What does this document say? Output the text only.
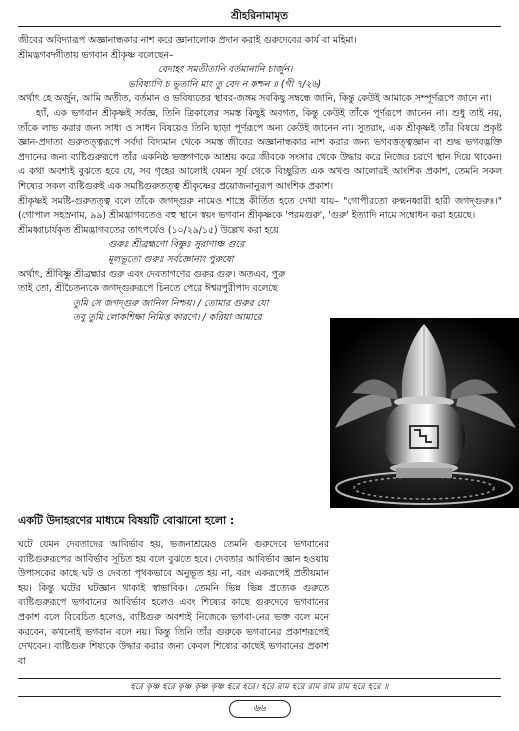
শ্রীহরিনামামৃত

জীবের অবিদ্যারূপ অজ্ঞানান্ধকার নাশ করে জ্ঞানালোক প্রদান করাই গুরুদেবের কার্য বা মহিমা।

শ্রীমদ্ভগবদ্গীতায় ভগবান শ্রীকৃষ্ণ বলেছেন–

বেদাহং সমতীতানি বর্তমানানি চার্জুন।

ভবিষ্যাণি চ ভূতানি মাং তু বেদ ন কশ্চন ॥ (গী ৭/২৬)

অর্থাৎ হে অর্জুন, আমি অতীত, বর্তমান ও ভবিষ্যতের স্থাবর-জঙ্গম সবকিছু সম্বন্ধে জানি, কিন্তু কেউই আমাকে সম্পূর্ণরূপে জানে না।

হ্যাঁ, এক ভগবান শ্রীকৃষ্ণই সর্বজ্ঞ, তিনি ত্রিকালের সমস্ত কিছুই অবগত, কিন্তু কেউই তাঁকে পূর্ণরূপে জানেন না। শুধু তাই নয়, তাঁকে লাভ করার জন্য সাধ্য ও সাধন বিষয়েও তিনি ছাড়া পূর্ণরূপে অন্য কেউই জানেন না। সুতরাং, এক শ্রীকৃষ্ণই তাঁর বিষয়ে প্রকৃষ্ট জ্ঞান-প্রদাতা গুরুতত্ত্বরূপে সর্বদা বিদ্যমান থেকে সমস্ত জীবের অজ্ঞানান্ধকার নাশ করার জন্য ভগবত্তত্ত্বজ্ঞান বা শুদ্ধ ভগবদ্ভক্তি প্রদানের জন্য ব্যষ্টিগুরুরূপে তাঁর একনিষ্ঠ ভক্তগণকে আশ্রয় করে জীবকে সংসার থেকে উদ্ধার করে নিজের চরণে স্থান দিয়ে থাকেন। এ কথা অবশ্যই বুঝতে হবে যে, সব গৃহের আলোই যেমন সূর্য থেকে বিচ্ছুরিত এক অখণ্ড আলোরই আংশিক প্রকাশ, তেমনি সকল শিষ্যের সকল ব্যষ্টিগুরুই এক সমষ্টিগুরুতত্ত্ব শ্রীকৃষ্ণের প্রয়োজনানুরূপ আংশিক প্রকাশ।

শ্রীকৃষ্ণই সমষ্টি-গুরুতত্ত্ব বলে তাঁকে জগদ্গুরু নামেও শাস্ত্রে কীর্তিত হতে দেখা যায়– "গোপীরতো রুক্মনধ্বারী হারী জগদ্গুরুঃ।" (গোপাল সহস্রনাম, ৯৯) শ্রীমদ্ভাগবতেও বহু স্থানে স্বয়ং ভগবান শ্রীকৃষ্ণকে 'পরমগুরু', 'গুরু' ইত্যাদি নামে সম্বোধন করা হয়েছে।

শ্রীমধ্বাচার্যকৃত শ্রীমদ্ভাগবতের তাৎপর্যেও (১০/২৯/১৫) উল্লেখ করা হয়ে

গুরুঃ শ্রীব্রহ্মণো বিষ্ণুঃ সুরাণাঞ্চ গুরে

মূলভূতো গুরুঃ সর্বজ্ঞোনাং পুরুষো

অর্থাৎ, শ্রীবিষ্ণু শ্রীব্রহ্মার গুরু এবং দেবতাগণের গুরুর গুরু। অতএব, পুরু

তাই তো, শ্রীচৈতন্যকে জগদ্গুরুরূপে চিনতে পেরে ঈশ্বরপুরীপাদ বলেছে

তুমি সে জগদ্গুরু জানিল নিশ্চয়। / তোমার গুরুর যো

তবু তুমি লোকশিক্ষা নিমিত্ত কারণে। / করিয়া আমারে

একটি উদাহরণের মাধ্যমে বিষয়টি বোঝানো হলো :

ঘটে যেমন দেবতাদের আবির্ভাব হয়, ভজনাশ্রয়েও তেমনি গুরুদেবে ভগবানের ব্যষ্টিগুরুরূপের আবির্ভাব সূচিত হয় বলে বুঝতে হবে। দেবতার আবির্ভাব জ্ঞান হওয়ায় উপাসকের কাছে ঘট ও দেবতা পৃথকভাবে অনুভূত হয় না, বরং একরূপেই প্রতীয়মান হয়। কিন্তু ঘটের ঘটজ্ঞান থাকাই স্বাভাবিক। তেমনি ভিন্ন ভিন্ন প্রত্যেক গুরুতে ব্যষ্টিগুরুরূপে ভগবানের আবির্ভাব হলেও এবং শিষ্যের কাছে গুরুদেবে ভগবানের প্রকাশ বলে বিবেচিত হলেও, ব্যষ্টিগুরু অবশ্যই নিজেকে ভগবা-নের ভক্ত বলে মনে করবেন, কখনোই ভগবান বলে নয়। কিন্তু তিনি তাঁর গুরুকে ভগবানের প্রকাশরূপেই দেখবেন। ব্যষ্টিগুরু শিষ্যকে উদ্ধার করার জন্য কেবল শিষ্যের কাছেই ভগবানের প্রকাশ বা

হরে কৃষ্ণ হরে কৃষ্ণ কৃষ্ণ কৃষ্ণ হরে হরে। হরে রাম হরে রাম রাম রাম হরে হরে ॥
৬৬
